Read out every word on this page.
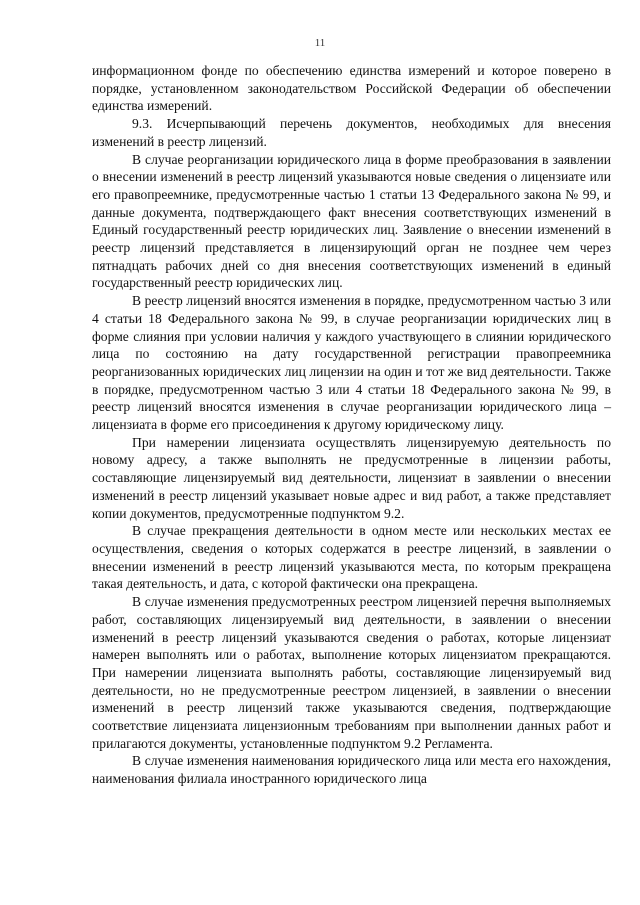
11

информационном фонде по обеспечению единства измерений и которое поверено в порядке, установленном законодательством Российской Федерации об обеспечении единства измерений.

9.3. Исчерпывающий перечень документов, необходимых для внесения изменений в реестр лицензий.

В случае реорганизации юридического лица в форме преобразования в заявлении о внесении изменений в реестр лицензий указываются новые сведения о лицензиате или его правопреемнике, предусмотренные частью 1 статьи 13 Федерального закона № 99, и данные документа, подтверждающего факт внесения соответствующих изменений в Единый государственный реестр юридических лиц. Заявление о внесении изменений в реестр лицензий представляется в лицензирующий орган не позднее чем через пятнадцать рабочих дней со дня внесения соответствующих изменений в единый государственный реестр юридических лиц.

В реестр лицензий вносятся изменения в порядке, предусмотренном частью 3 или 4 статьи 18 Федерального закона № 99, в случае реорганизации юридических лиц в форме слияния при условии наличия у каждого участвующего в слиянии юридического лица по состоянию на дату государственной регистрации правопреемника реорганизованных юридических лиц лицензии на один и тот же вид деятельности. Также в порядке, предусмотренном частью 3 или 4 статьи 18 Федерального закона № 99, в реестр лицензий вносятся изменения в случае реорганизации юридического лица – лицензиата в форме его присоединения к другому юридическому лицу.

При намерении лицензиата осуществлять лицензируемую деятельность по новому адресу, а также выполнять не предусмотренные в лицензии работы, составляющие лицензируемый вид деятельности, лицензиат в заявлении о внесении изменений в реестр лицензий указывает новые адрес и вид работ, а также представляет копии документов, предусмотренные подпунктом 9.2.

В случае прекращения деятельности в одном месте или нескольких местах ее осуществления, сведения о которых содержатся в реестре лицензий, в заявлении о внесении изменений в реестр лицензий указываются места, по которым прекращена такая деятельность, и дата, с которой фактически она прекращена.

В случае изменения предусмотренных реестром лицензией перечня выполняемых работ, составляющих лицензируемый вид деятельности, в заявлении о внесении изменений в реестр лицензий указываются сведения о работах, которые лицензиат намерен выполнять или о работах, выполнение которых лицензиатом прекращаются. При намерении лицензиата выполнять работы, составляющие лицензируемый вид деятельности, но не предусмотренные реестром лицензией, в заявлении о внесении изменений в реестр лицензий также указываются сведения, подтверждающие соответствие лицензиата лицензионным требованиям при выполнении данных работ и прилагаются документы, установленные подпунктом 9.2 Регламента.

В случае изменения наименования юридического лица или места его нахождения, наименования филиала иностранного юридического лица
